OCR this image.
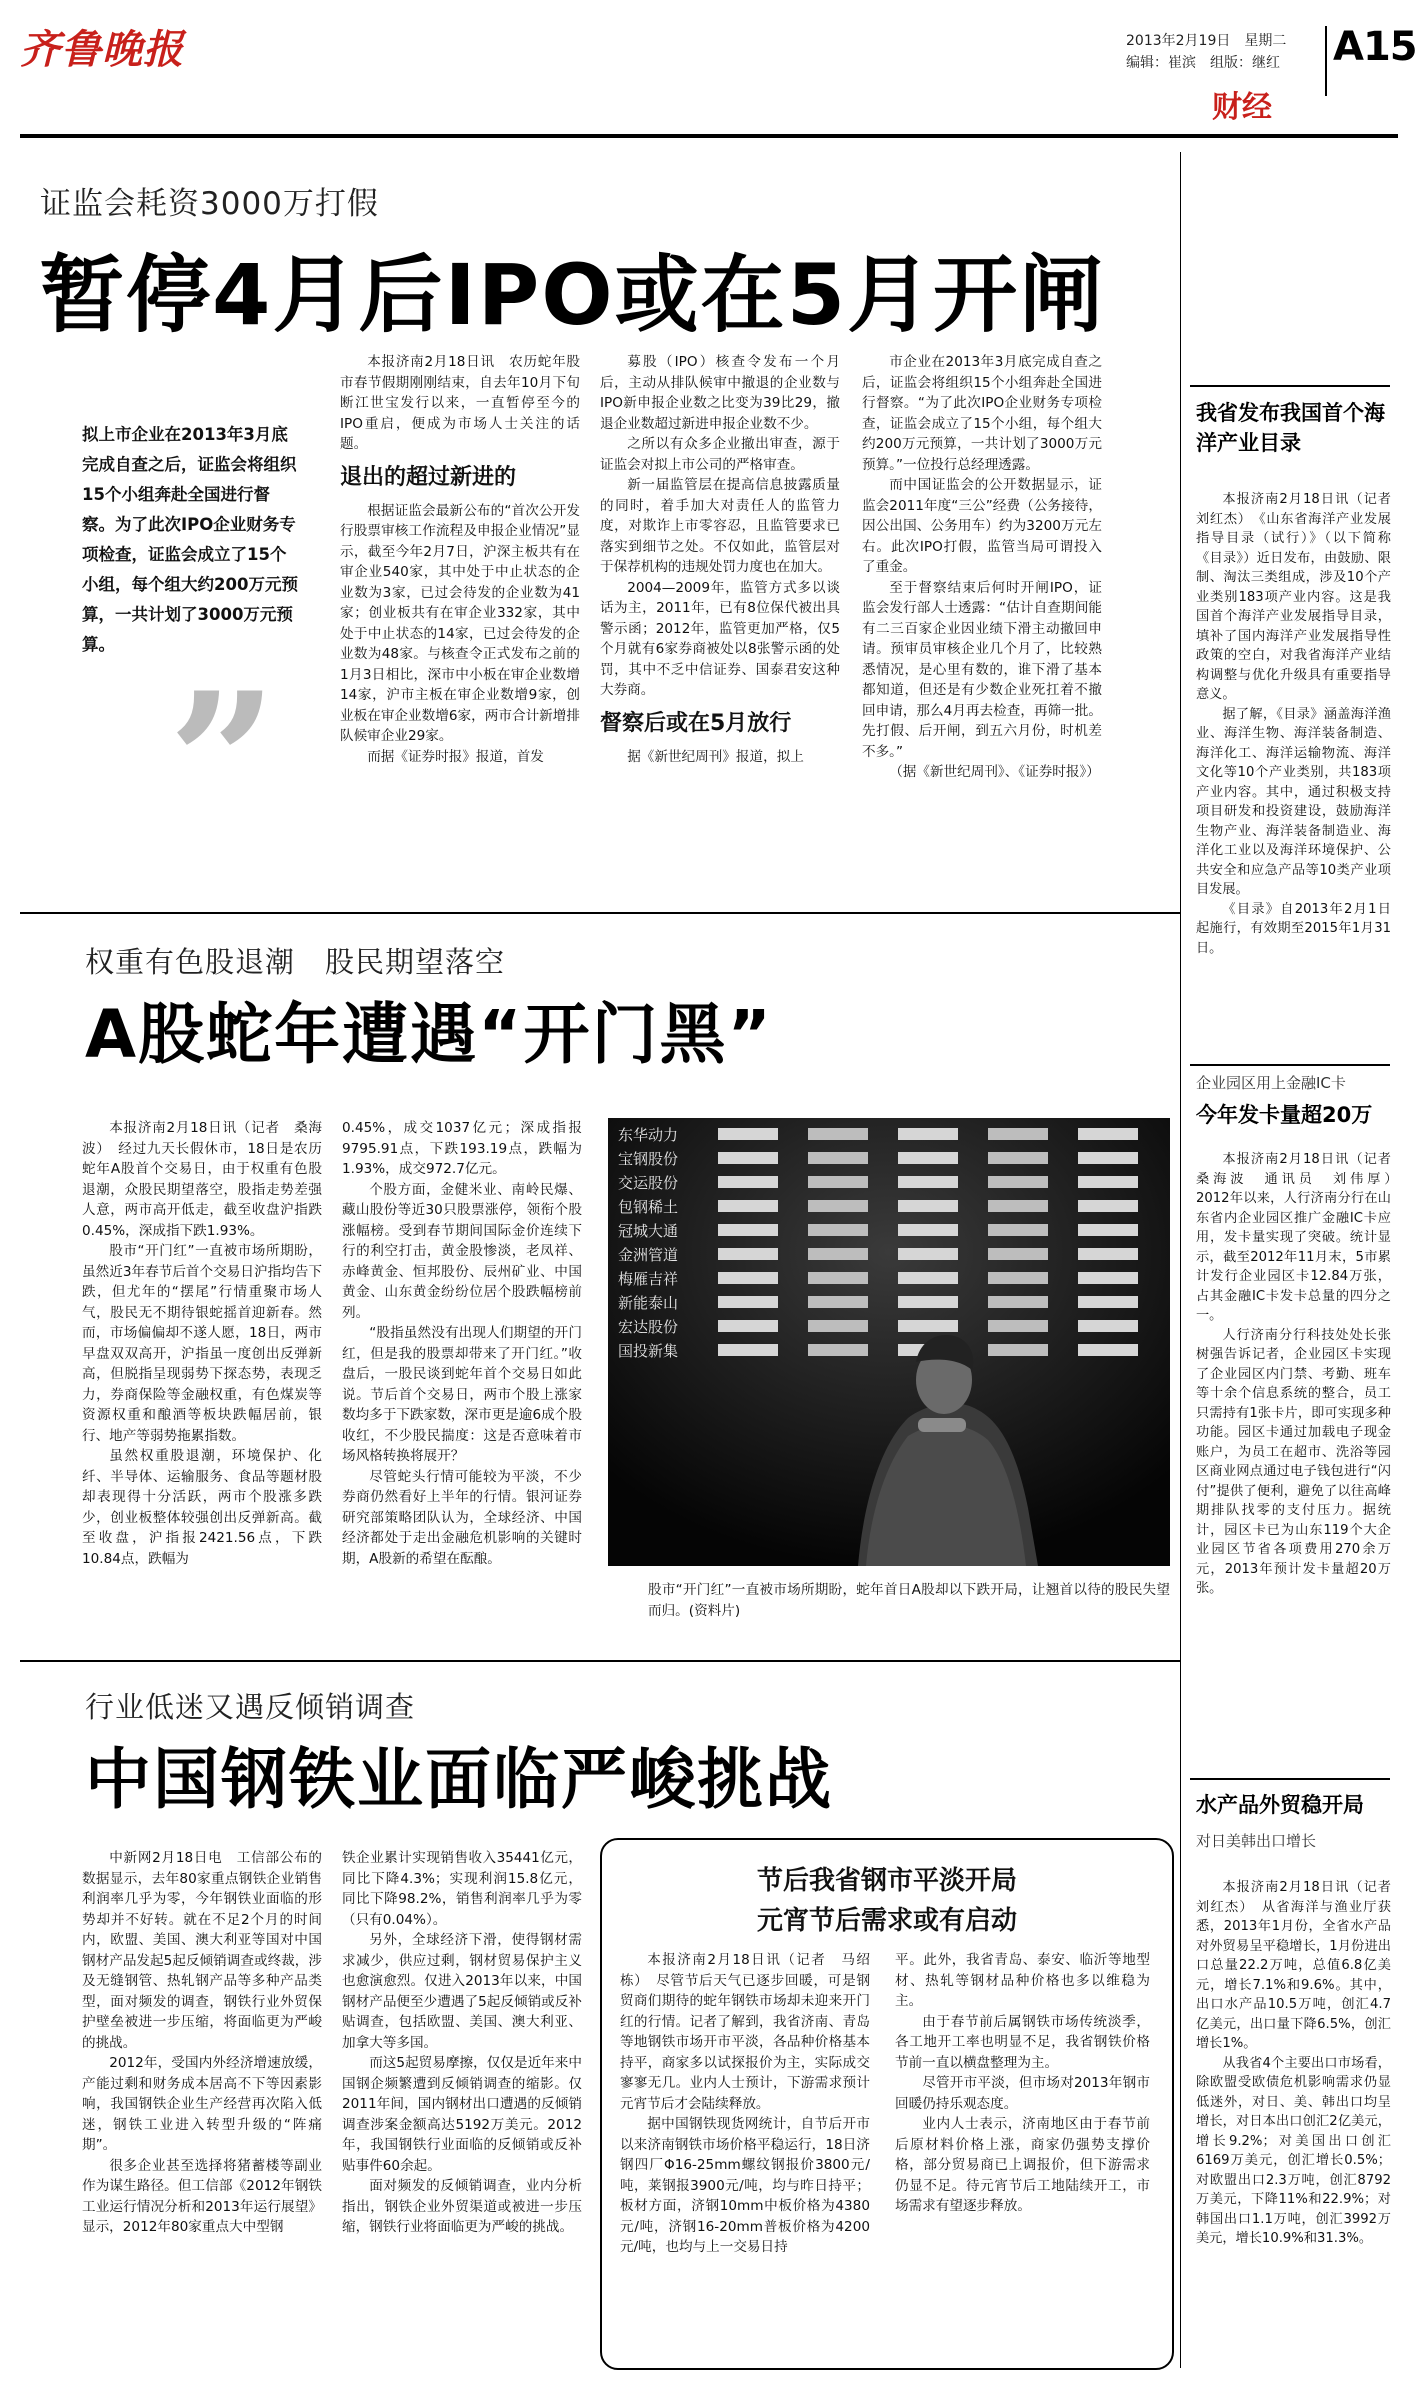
齐鲁晚报	2013年2月19日　星期二
编辑：崔滨　组版：继红 A15
财经
证监会耗资3000万打假
暂停4月后IPO或在5月开闸
拟上市企业在2013年3月底完成自查之后，证监会将组织15个小组奔赴全国进行督察。为了此次IPO企业财务专项检查，证监会成立了15个小组，每个组大约200万元预算，一共计划了3000万元预算。
”

本报济南2月18日讯　农历蛇年股市春节假期刚刚结束，自去年10月下旬断江世宝发行以来，一直暂停至今的IPO重启，便成为市场人士关注的话题。

退出的超过新进的

根据证监会最新公布的“首次公开发行股票审核工作流程及申报企业情况”显示，截至今年2月7日，沪深主板共有在审企业540家，其中处于中止状态的企业数为3家，已过会待发的企业数为41家；创业板共有在审企业332家，其中处于中止状态的14家，已过会待发的企业数为48家。与核查令正式发布之前的1月3日相比，深市中小板在审企业数增14家，沪市主板在审企业数增9家，创业板在审企业数增6家，两市合计新增排队候审企业29家。

而据《证券时报》报道，首发

募股（IPO）核查令发布一个月后，主动从排队候审中撤退的企业数与IPO新申报企业数之比变为39比29，撤退企业数超过新进申报企业数不少。

之所以有众多企业撤出审查，源于证监会对拟上市公司的严格审查。

新一届监管层在提高信息披露质量的同时，着手加大对责任人的监管力度，对欺诈上市零容忍，且监管要求已落实到细节之处。不仅如此，监管层对于保荐机构的违规处罚力度也在加大。

2004—2009年，监管方式多以谈话为主，2011年，已有8位保代被出具警示函；2012年，监管更加严格，仅5个月就有6家券商被处以8张警示函的处罚，其中不乏中信证券、国泰君安这种大券商。

督察后或在5月放行

据《新世纪周刊》报道，拟上

市企业在2013年3月底完成自查之后，证监会将组织15个小组奔赴全国进行督察。“为了此次IPO企业财务专项检查，证监会成立了15个小组，每个组大约200万元预算，一共计划了3000万元预算。”一位投行总经理透露。

而中国证监会的公开数据显示，证监会2011年度“三公”经费（公务接待，因公出国、公务用车）约为3200万元左右。此次IPO打假，监管当局可谓投入了重金。

至于督察结束后何时开闸IPO，证监会发行部人士透露：“估计自查期间能有二三百家企业因业绩下滑主动撤回申请。预审员审核企业几个月了，比较熟悉情况，是心里有数的，谁下滑了基本都知道，但还是有少数企业死扛着不撤回申请，那么4月再去检查，再筛一批。先打假、后开闸，到五六月份，时机差不多。”

（据《新世纪周刊》、《证券时报》）

权重有色股退潮　股民期望落空
A股蛇年遭遇“开门黑”

本报济南2月18日讯（记者　桑海波）　经过九天长假休市，18日是农历蛇年A股首个交易日，由于权重有色股退潮，众股民期望落空，股指走势差强人意，两市高开低走，截至收盘沪指跌0.45%，深成指下跌1.93%。

股市“开门红”一直被市场所期盼，虽然近3年春节后首个交易日沪指均告下跌，但尤年的“摆尾”行情重聚市场人气，股民无不期待银蛇摇首迎新春。然而，市场偏偏却不遂人愿，18日，两市早盘双双高开，沪指虽一度创出反弹新高，但脱指呈现弱势下探态势，表现乏力，券商保险等金融权重，有色煤炭等资源权重和酿酒等板块跌幅居前，银行、地产等弱势拖累指数。

虽然权重股退潮，环境保护、化纤、半导体、运输服务、食品等题材股却表现得十分活跃，两市个股涨多跌少，创业板整体较强创出反弹新高。截至收盘，沪指报2421.56点，下跌10.84点，跌幅为

0.45%，成交1037亿元；深成指报9795.91点，下跌193.19点，跌幅为1.93%，成交972.7亿元。

个股方面，金健米业、南岭民爆、藏山股份等近30只股票涨停，领衔个股涨幅榜。受到春节期间国际金价连续下行的利空打击，黄金股惨淡，老凤祥、赤峰黄金、恒邦股份、辰州矿业、中国黄金、山东黄金纷纷位居个股跌幅榜前列。

“股指虽然没有出现人们期望的开门红，但是我的股票却带来了开门红。”收盘后，一股民谈到蛇年首个交易日如此说。节后首个交易日，两市个股上涨家数均多于下跌家数，深市更是逾6成个股收红，不少股民揣度：这是否意味着市场风格转换将展开？

尽管蛇头行情可能较为平淡，不少券商仍然看好上半年的行情。银河证券研究部策略团队认为，全球经济、中国经济都处于走出金融危机影响的关键时期，A股新的希望在酝酿。

东华动力
宝钢股份
交运股份
包钢稀土
冠城大通
金洲管道
梅雁吉祥
新能泰山
宏达股份
国投新集
股市“开门红”一直被市场所期盼，蛇年首日A股却以下跌开局，让翘首以待的股民失望而归。(资料片)
行业低迷又遇反倾销调查
中国钢铁业面临严峻挑战

中新网2月18日电　工信部公布的数据显示，去年80家重点钢铁企业销售利润率几乎为零，今年钢铁业面临的形势却并不好转。就在不足2个月的时间内，欧盟、美国、澳大利亚等国对中国钢材产品发起5起反倾销调查或终裁，涉及无缝钢管、热轧钢产品等多种产品类型，面对频发的调查，钢铁行业外贸保护壁垒被进一步压缩，将面临更为严峻的挑战。

2012年，受国内外经济增速放缓，产能过剩和财务成本居高不下等因素影响，我国钢铁企业生产经营再次陷入低迷，钢铁工业进入转型升级的“阵痛期”。

很多企业甚至选择将猪蓄楼等副业作为谋生路径。但工信部《2012年钢铁工业运行情况分析和2013年运行展望》显示，2012年80家重点大中型钢

铁企业累计实现销售收入35441亿元，同比下降4.3%；实现利润15.8亿元，同比下降98.2%，销售利润率几乎为零（只有0.04%）。

另外，全球经济下滑，使得钢材需求减少，供应过剩，钢材贸易保护主义也愈演愈烈。仅进入2013年以来，中国钢材产品便至少遭遇了5起反倾销或反补贴调查，包括欧盟、美国、澳大利亚、加拿大等多国。

而这5起贸易摩擦，仅仅是近年来中国钢企频繁遭到反倾销调查的缩影。仅2011年间，国内钢材出口遭遇的反倾销调查涉案金额高达5192万美元。2012年，我国钢铁行业面临的反倾销或反补贴事件60余起。

面对频发的反倾销调查，业内分析指出，钢铁企业外贸渠道或被进一步压缩，钢铁行业将面临更为严峻的挑战。

节后我省钢市平淡开局
元宵节后需求或有启动

本报济南2月18日讯（记者　马绍栋）　尽管节后天气已逐步回暖，可是钢贸商们期待的蛇年钢铁市场却未迎来开门红的行情。记者了解到，我省济南、青岛等地钢铁市场开市平淡，各品种价格基本持平，商家多以试探报价为主，实际成交寥寥无几。业内人士预计，下游需求预计元宵节后才会陆续释放。

据中国钢铁现货网统计，自节后开市以来济南钢铁市场价格平稳运行，18日济钢四厂Φ16-25mm螺纹钢报价3800元/吨，莱钢报3900元/吨，均与昨日持平；板材方面，济钢10mm中板价格为4380元/吨，济钢16-20mm普板价格为4200元/吨，也均与上一交易日持

平。此外，我省青岛、泰安、临沂等地型材、热轧等钢材品种价格也多以维稳为主。

由于春节前后属钢铁市场传统淡季，各工地开工率也明显不足，我省钢铁价格节前一直以横盘整理为主。

尽管开市平淡，但市场对2013年钢市回暖仍持乐观态度。

业内人士表示，济南地区由于春节前后原材料价格上涨，商家仍强势支撑价格，部分贸易商已上调报价，但下游需求仍显不足。待元宵节后工地陆续开工，市场需求有望逐步释放。

我省发布我国首个海洋产业目录

本报济南2月18日讯（记者　刘红杰）　《山东省海洋产业发展指导目录（试行）》（以下简称《目录》）近日发布，由鼓励、限制、淘汰三类组成，涉及10个产业类别183项产业内容。这是我国首个海洋产业发展指导目录，填补了国内海洋产业发展指导性政策的空白，对我省海洋产业结构调整与优化升级具有重要指导意义。

据了解，《目录》涵盖海洋渔业、海洋生物、海洋装备制造、海洋化工、海洋运输物流、海洋文化等10个产业类别，共183项产业内容。其中，通过积极支持项目研发和投资建设，鼓励海洋生物产业、海洋装备制造业、海洋化工业以及海洋环境保护、公共安全和应急产品等10类产业项目发展。

《目录》自2013年2月1日起施行，有效期至2015年1月31日。

企业园区用上金融IC卡
今年发卡量超20万

本报济南2月18日讯（记者　桑海波　通讯员　刘伟厚）　2012年以来，人行济南分行在山东省内企业园区推广金融IC卡应用，发卡量实现了突破。统计显示，截至2012年11月末，5市累计发行企业园区卡12.84万张，占其金融IC卡发卡总量的四分之一。

人行济南分行科技处处长张树强告诉记者，企业园区卡实现了企业园区内门禁、考勤、班车等十余个信息系统的整合，员工只需持有1张卡片，即可实现多种功能。园区卡通过加载电子现金账户，为员工在超市、洗浴等园区商业网点通过电子钱包进行“闪付”提供了便利，避免了以往高峰期排队找零的支付压力。据统计，园区卡已为山东119个大企业园区节省各项费用270余万元，2013年预计发卡量超20万张。

水产品外贸稳开局
对日美韩出口增长

本报济南2月18日讯（记者　刘红杰）　从省海洋与渔业厅获悉，2013年1月份，全省水产品对外贸易呈平稳增长，1月份进出口总量22.2万吨，总值6.8亿美元，增长7.1%和9.6%。其中，出口水产品10.5万吨，创汇4.7亿美元，出口量下降6.5%，创汇增长1%。

从我省4个主要出口市场看，除欧盟受欧债危机影响需求仍显低迷外，对日、美、韩出口均呈增长，对日本出口创汇2亿美元，增长9.2%；对美国出口创汇6169万美元，创汇增长0.5%；对欧盟出口2.3万吨，创汇8792万美元，下降11%和22.9%；对韩国出口1.1万吨，创汇3992万美元，增长10.9%和31.3%。
